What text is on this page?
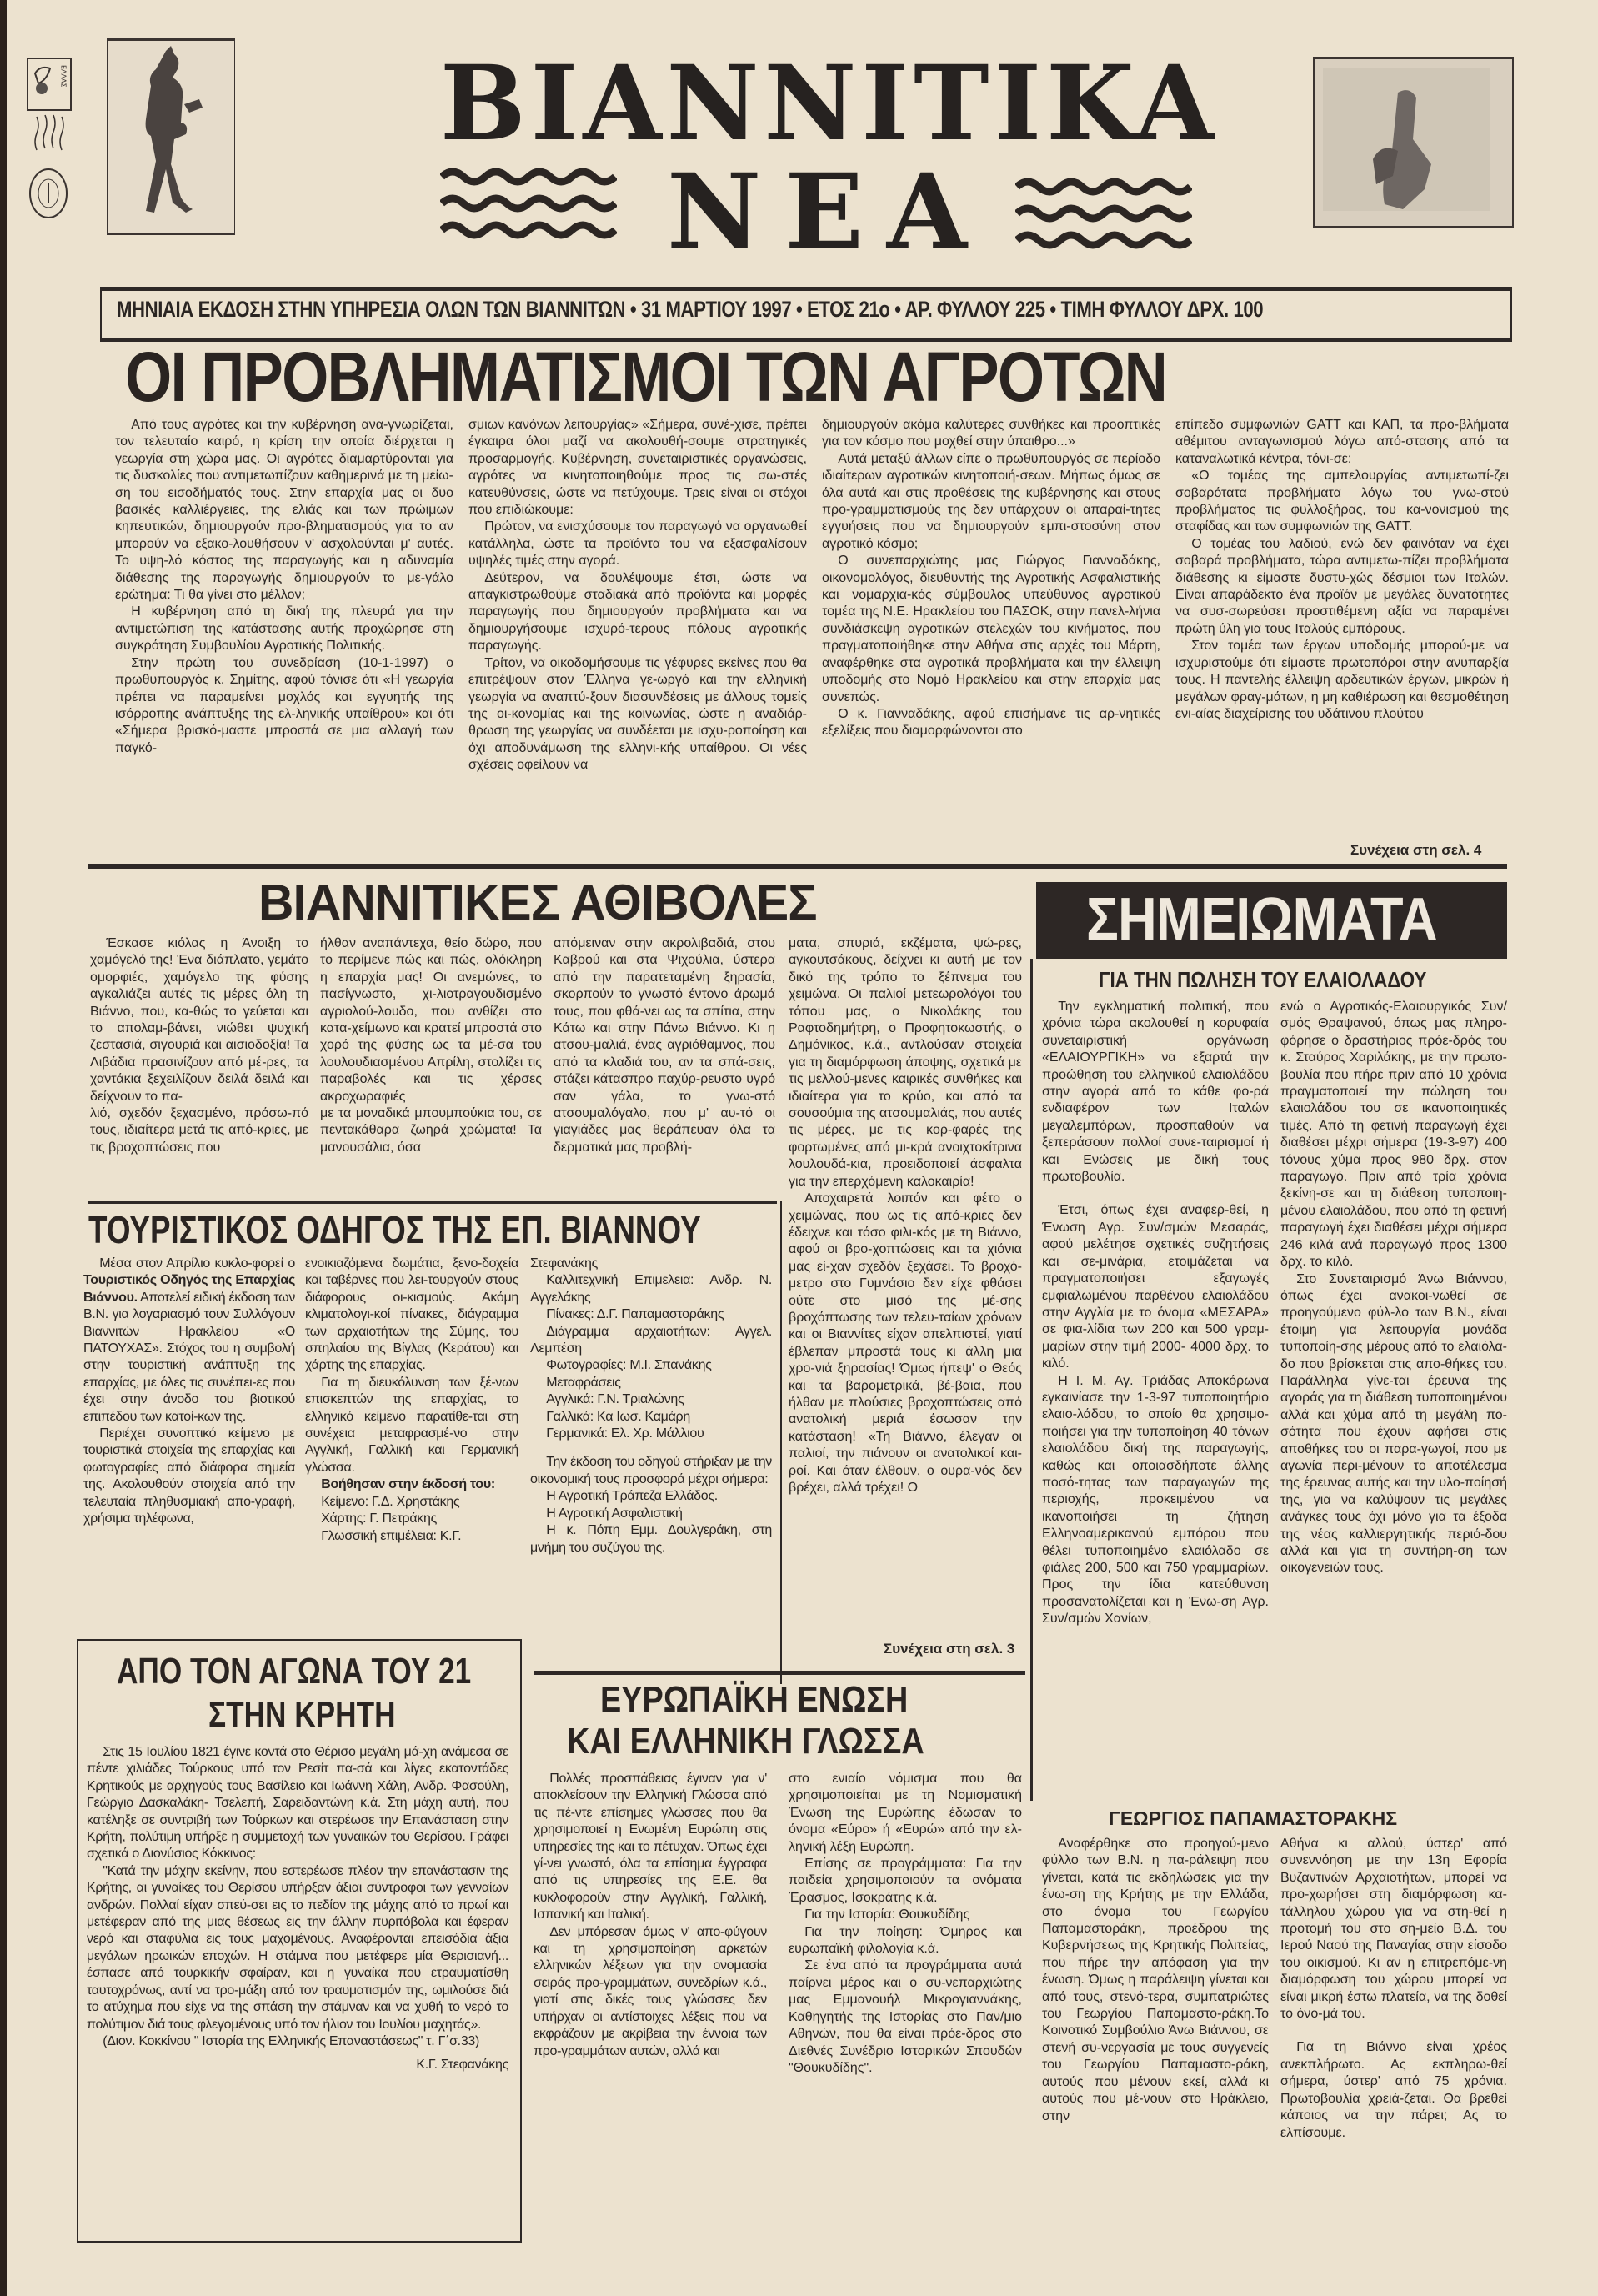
ΕΛΛΑΣ	BIANNITIKA
NEA
ΜΗΝΙΑΙΑ ΕΚΔΟΣΗ ΣΤΗΝ ΥΠΗΡΕΣΙΑ ΟΛΩΝ ΤΩΝ ΒΙΑΝΝΙΤΩΝ • 31 ΜΑΡΤΙΟΥ 1997 • ΕΤΟΣ 21ο • ΑΡ. ΦΥΛΛΟΥ 225 • ΤΙΜΗ ΦΥΛΛΟΥ ΔΡΧ. 100
ΟΙ ΠΡΟΒΛΗΜΑΤΙΣΜΟΙ ΤΩΝ ΑΓΡΟΤΩΝ

Από τους αγρότες και την κυβέρνηση ανα-γνωρίζεται, τον τελευταίο καιρό, η κρίση την οποία διέρχεται η γεωργία στη χώρα μας. Οι αγρότες διαμαρτύρονται για τις δυσκολίες που αντιμετωπίζουν καθημερινά με τη μείω-ση του εισοδήματός τους. Στην επαρχία μας οι δυο βασικές καλλιέργειες, της ελιάς και των πρώιμων κηπευτικών, δημιουργούν προ-βληματισμούς για το αν μπορούν να εξακο-λουθήσουν ν' ασχολούνται μ' αυτές. Το υψη-λό κόστος της παραγωγής και η αδυναμία διάθεσης της παραγωγής δημιουργούν το με-γάλο ερώτημα: Τι θα γίνει στο μέλλον;

Η κυβέρνηση από τη δική της πλευρά για την αντιμετώπιση της κατάστασης αυτής προχώρησε στη συγκρότηση Συμβουλίου Αγροτικής Πολιτικής.

Στην πρώτη του συνεδρίαση (10-1-1997) ο πρωθυπουργός κ. Σημίτης, αφού τόνισε ότι «Η γεωργία πρέπει να παραμείνει μοχλός και εγγυητής της ισόρροπης ανάπτυξης της ελ-ληνικής υπαίθρου» και ότι «Σήμερα βρισκό-μαστε μπροστά σε μια αλλαγή των παγκό-

σμιων κανόνων λειτουργίας» «Σήμερα, συνέ-χισε, πρέπει έγκαιρα όλοι μαζί να ακολουθή-σουμε στρατηγικές προσαρμογής. Κυβέρνηση, συνεταιριστικές οργανώσεις, αγρότες να κινητοποιηθούμε προς τις σω-στές κατευθύνσεις, ώστε να πετύχουμε. Τρεις είναι οι στόχοι που επιδιώκουμε:

Πρώτον, να ενισχύσουμε τον παραγωγό να οργανωθεί κατάλληλα, ώστε τα προϊόντα του να εξασφαλίσουν υψηλές τιμές στην αγορά.

Δεύτερον, να δουλέψουμε έτσι, ώστε να απαγκιστρωθούμε σταδιακά από προϊόντα και μορφές παραγωγής που δημιουργούν προβλήματα και να δημιουργήσουμε ισχυρό-τερους πόλους αγροτικής παραγωγής.

Τρίτον, να οικοδομήσουμε τις γέφυρες εκείνες που θα επιτρέψουν στον Έλληνα γε-ωργό και την ελληνική γεωργία να αναπτύ-ξουν διασυνδέσεις με άλλους τομείς της οι-κονομίας και της κοινωνίας, ώστε η αναδιάρ-θρωση της γεωργίας να συνδέεται με ισχυ-ροποίηση και όχι αποδυνάμωση της ελληνι-κής υπαίθρου. Οι νέες σχέσεις οφείλουν να

δημιουργούν ακόμα καλύτερες συνθήκες και προοπτικές για τον κόσμο που μοχθεί στην ύπαιθρο...»

Αυτά μεταξύ άλλων είπε ο πρωθυπουργός σε περίοδο ιδιαίτερων αγροτικών κινητοποιή-σεων. Μήπως όμως σε όλα αυτά και στις προθέσεις της κυβέρνησης και στους προ-γραμματισμούς της δεν υπάρχουν οι απαραί-τητες εγγυήσεις που να δημιουργούν εμπι-στοσύνη στον αγροτικό κόσμο;

Ο συνεπαρχιώτης μας Γιώργος Γιανναδάκης, οικονομολόγος, διευθυντής της Αγροτικής Ασφαλιστικής και νομαρχια-κός σύμβουλος υπεύθυνος αγροτικού τομέα της Ν.Ε. Ηρακλείου του ΠΑΣΟΚ, στην πανελ-λήνια συνδιάσκεψη αγροτικών στελεχών του κινήματος, που πραγματοποιήθηκε στην Αθήνα στις αρχές του Μάρτη, αναφέρθηκε στα αγροτικά προβλήματα και την έλλειψη υποδομής στο Νομό Ηρακλείου και στην επαρχία μας συνεπώς.

Ο κ. Γιανναδάκης, αφού επισήμανε τις αρ-νητικές εξελίξεις που διαμορφώνονται στο

επίπεδο συμφωνιών GATT και ΚΑΠ, τα προ-βλήματα αθέμιτου ανταγωνισμού λόγω από-στασης από τα καταναλωτικά κέντρα, τόνι-σε:

«Ο τομέας της αμπελουργίας αντιμετωπί-ζει σοβαρότατα προβλήματα λόγω του γνω-στού προβλήματος τις φυλλοξήρας, του κα-νονισμού της σταφίδας και των συμφωνιών της GATT.

Ο τομέας του λαδιού, ενώ δεν φαινόταν να έχει σοβαρά προβλήματα, τώρα αντιμετω-πίζει προβλήματα διάθεσης κι είμαστε δυστυ-χώς δέσμιοι των Ιταλών. Είναι απαράδεκτο ένα προϊόν με μεγάλες δυνατότητες να συσ-σωρεύσει προστιθέμενη αξία να παραμένει πρώτη ύλη για τους Ιταλούς εμπόρους.

Στον τομέα των έργων υποδομής μπορού-με να ισχυριστούμε ότι είμαστε πρωτοπόροι στην ανυπαρξία τους. Η παντελής έλλειψη αρδευτικών έργων, μικρών ή μεγάλων φραγ-μάτων, η μη καθιέρωση και θεσμοθέτηση ενι-αίας διαχείρισης του υδάτινου πλούτου

Συνέχεια στη σελ. 4
ΒΙΑΝΝΙΤΙΚΕΣ ΑΘΙΒΟΛΕΣ

Έσκασε κιόλας η Άνοιξη το χαμόγελό της! Ένα διάπλατο, γεμάτο ομορφιές, χαμόγελο της φύσης αγκαλιάζει αυτές τις μέρες όλη τη Βιάννο, που, κα-θώς το γεύεται και το απολαμ-βάνει, νιώθει ψυχική ζεστασιά, σιγουριά και αισιοδοξία! Τα Λιβάδια πρασινίζουν από μέ-ρες, τα χαντάκια ξεχειλίζουν δειλά δειλά και δείχνουν το πα-

λιό, σχεδόν ξεχασμένο, πρόσω-πό τους, ιδιαίτερα μετά τις από-κριες, με τις βροχοπτώσεις που

ήλθαν αναπάντεχα, θείο δώρο, που το περίμενε πώς και πώς, ολόκληρη η επαρχία μας! Οι ανεμώνες, το πασίγνωστο, χι-λιοτραγουδισμένο αγριολού-λουδο, που ανθίζει στο κατα-χείμωνο και κρατεί μπροστά στο χορό της φύσης ως τα μέ-σα του λουλουδιασμένου Απρίλη, στολίζει τις παραβολές και τις χέρσες ακροχωραφιές

με τα μοναδικά μπουμπούκια του, σε πεντακάθαρα ζωηρά χρώματα! Τα μανουσάλια, όσα

απόμειναν στην ακρολιβαδιά, στου Καβρού και στα Ψιχούλια, ύστερα από την παρατεταμένη ξηρασία, σκορπούν το γνωστό έντονο άρωμά τους, που φθά-νει ως τα σπίτια, στην Κάτω και στην Πάνω Βιάννο. Κι η ατσου-μαλιά, ένας αγριόθαμνος, που από τα κλαδιά του, αν τα σπά-σεις, στάζει κάτασπρο παχύρ-ρευστο υγρό σαν γάλα, το γνω-στό ατσουμαλόγαλο, που μ' αυ-τό οι γιαγιάδες μας θεράπευαν όλα τα δερματικά μας προβλή-

ματα, σπυριά, εκζέματα, ψώ-ρες, αγκουτσάκους, δείχνει κι αυτή με τον δικό της τρόπο το ξέπνεμα του χειμώνα. Οι παλιοί μετεωρολόγοι του τόπου μας, ο Νικολάκης του Ραφτοδημήτρη, ο Προφητοκωστής, ο Δημόνικος, κ.ά., αντλούσαν στοιχεία για τη διαμόρφωση άποψης, σχετικά με τις μελλού-μενες καιρικές συνθήκες και ιδιαίτερα για το κρύο, και από τα σουσούμια της ατσουμαλιάς, που αυτές τις μέρες, με τις κορ-φαρές της φορτωμένες από μι-κρά ανοιχτοκίτρινα λουλουδά-κια, προειδοποιεί άσφαλτα για την επερχόμενη καλοκαιρία!

Αποχαιρετά λοιπόν και φέτο ο χειμώνας, που ως τις από-κριες δεν έδειχνε και τόσο φιλι-κός με τη Βιάννο, αφού οι βρο-χοπτώσεις και τα χιόνια μας εί-χαν σχεδόν ξεχάσει. Το βροχό-μετρο στο Γυμνάσιο δεν είχε φθάσει ούτε στο μισό της μέ-σης βροχόπτωσης των τελευ-ταίων χρόνων και οι Βιαννίτες είχαν απελπιστεί, γιατί έβλεπαν μπροστά τους κι άλλη μια χρο-νιά ξηρασίας! Όμως ήπεψ' ο Θεός και τα βαρομετρικά, βέ-βαια, που ήλθαν με πλούσιες βροχοπτώσεις από ανατολική μεριά έσωσαν την κατάσταση! «Τη Βιάννο, έλεγαν οι παλιοί, την πιάνουν οι ανατολικοί και-ροί. Και όταν έλθουν, ο ουρα-νός δεν βρέχει, αλλά τρέχει! Ο

Συνέχεια στη σελ. 3
ΣΗΜΕΙΩΜΑΤΑ
ΓΙΑ ΤΗΝ ΠΩΛΗΣΗ ΤΟΥ ΕΛΑΙΟΛΑΔΟΥ

Την εγκληματική πολιτική, που χρόνια τώρα ακολουθεί η κορυφαία συνεταιριστική οργάνωση «ΕΛΑΙΟΥΡΓΙΚΗ» να εξαρτά την προώθηση του ελληνικού ελαιολάδου στην αγορά από το κάθε φο-ρά ενδιαφέρον των Ιταλών μεγαλεμπόρων, προσπαθούν να ξεπεράσουν πολλοί συνε-ταιρισμοί ή και Ενώσεις με δική τους πρωτοβουλία.

Έτσι, όπως έχει αναφερ-θεί, η Ένωση Αγρ. Συν/σμών Μεσαράς, αφού μελέτησε σχετικές συζητήσεις και σε-μινάρια, ετοιμάζεται να πραγματοποιήσει εξαγωγές εμφιαλωμένου παρθένου ελαιολάδου στην Αγγλία με το όνομα «ΜΕΣΑΡΑ» σε φια-λίδια των 200 και 500 γραμ-μαρίων στην τιμή 2000- 4000 δρχ. το κιλό.

Η Ι. Μ. Αγ. Τριάδας Αποκόρωνα εγκαινίασε την 1-3-97 τυποποιητήριο ελαιο-λάδου, το οποίο θα χρησιμο-ποιήσει για την τυποποίηση 40 τόνων ελαιολάδου δική της παραγωγής, καθώς και οποιασδήποτε άλλης ποσό-τητας των παραγωγών της περιοχής, προκειμένου να ικανοποιήσει τη ζήτηση Ελληνοαμερικανού εμπόρου που θέλει τυποποιημένο ελαιόλαδο σε φιάλες 200, 500 και 750 γραμμαρίων. Προς την ίδια κατεύθυνση προσανατολίζεται και η Ένω-ση Αγρ. Συν/σμών Χανίων,

ενώ ο Αγροτικός-Ελαιουργικός Συν/σμός Θραψανού, όπως μας πληρο-φόρησε ο δραστήριος πρόε-δρός του κ. Σταύρος Χαριλάκης, με την πρωτο-βουλία που πήρε πριν από 10 χρόνια πραγματοποιεί την πώληση του ελαιολάδου του σε ικανοποιητικές τιμές. Από τη φετινή παραγωγή έχει διαθέσει μέχρι σήμερα (19-3-97) 400 τόνους χύμα προς 980 δρχ. στον παραγωγό. Πριν από τρία χρόνια ξεκίνη-σε και τη διάθεση τυποποιη-μένου ελαιολάδου, που από τη φετινή παραγωγή έχει διαθέσει μέχρι σήμερα 246 κιλά ανά παραγωγό προς 1300 δρχ. το κιλό.

Στο Συνεταιρισμό Άνω Βιάννου, όπως έχει ανακοι-νωθεί σε προηγούμενο φύλ-λο των Β.Ν., είναι έτοιμη για λειτουργία μονάδα τυποποίη-σης μέρους από το ελαιόλα-δο που βρίσκεται στις απο-θήκες του. Παράλληλα γίνε-ται έρευνα της αγοράς για τη διάθεση τυποποιημένου αλλά και χύμα από τη μεγάλη πο-σότητα που έχουν αφήσει στις αποθήκες του οι παρα-γωγοί, που με αγωνία περι-μένουν το αποτέλεσμα της έρευνας αυτής και την υλο-ποίησή της, για να καλύψουν τις μεγάλες ανάγκες τους όχι μόνο για τα έξοδα της νέας καλλιεργητικής περιό-δου αλλά και για τη συντήρη-ση των οικογενειών τους.

ΤΟΥΡΙΣΤΙΚΟΣ ΟΔΗΓΟΣ ΤΗΣ ΕΠ. ΒΙΑΝΝΟΥ

Μέσα στον Απρίλιο κυκλο-φορεί ο Τουριστικός Οδηγός της Επαρχίας Βιάννου. Αποτελεί ειδική έκδοση των Β.Ν. για λογαριασμό τουν Συλλόγουν Βιαννιτών Ηρακλείου «Ο ΠΑΤΟΥΧΑΣ». Στόχος του η συμβολή στην τουριστική ανάπτυξη της επαρχίας, με όλες τις συνέπει-ες που έχει στην άνοδο του βιοτικού επιπέδου των κατοί-κων της.

Περιέχει συνοπτικό κείμενο με τουριστικά στοιχεία της επαρχίας και φωτογραφίες από διάφορα σημεία της. Ακολουθούν στοιχεία από την τελευταία πληθυσμιακή απο-γραφή, χρήσιμα τηλέφωνα,

ενοικιαζόμενα δωμάτια, ξενο-δοχεία και ταβέρνες που λει-τουργούν στους διάφορους οι-κισμούς. Ακόμη κλιματολογι-κοί πίνακες, διάγραμμα των αρχαιοτήτων της Σύμης, του σπηλαίου της Βίγλας (Κεράτου) και χάρτης της επαρχίας.

Για τη διευκόλυνση των ξέ-νων επισκεπτών της επαρχίας, το ελληνικό κείμενο παρατίθε-ται στη συνέχεια μεταφρασμέ-νο στην Αγγλική, Γαλλική και Γερμανική γλώσσα.

Βοήθησαν στην έκδοσή του:

Κείμενο: Γ.Δ. Χρηστάκης

Χάρτης: Γ. Πετράκης

Γλωσσική επιμέλεια: Κ.Γ.

Στεφανάκης

Καλλιτεχνική Επιμελεια: Ανδρ. Ν. Αγγελάκης

Πίνακες: Δ.Γ. Παπαμαστοράκης

Διάγραμμα αρχαιοτήτων: Αγγελ. Λεμπέση

Φωτογραφίες: Μ.Ι. Σπανάκης

Μεταφράσεις

Αγγλικά: Γ.Ν. Τριαλώνης

Γαλλικά: Κα Ιωσ. Καμάρη

Γερμανικά: Ελ. Χρ. Μάλλιου

Την έκδοση του οδηγού στήριξαν με την οικονομική τους προσφορά μέχρι σήμερα:

Η Αγροτική Τράπεζα Ελλάδος.

Η Αγροτική Ασφαλιστική

Η κ. Πόπη Εμμ. Δουλγεράκη, στη μνήμη του συζύγου της.

ΑΠΟ ΤΟΝ ΑΓΩΝΑ ΤΟΥ 21
ΣΤΗΝ ΚΡΗΤΗ

Στις 15 Ιουλίου 1821 έγινε κοντά στο Θέρισο μεγάλη μά-χη ανάμεσα σε πέντε χιλιάδες Τούρκους υπό τον Ρεσίτ πα-σά και λίγες εκατοντάδες Κρητικούς με αρχηγούς τους Βασίλειο και Ιωάννη Χάλη, Ανδρ. Φασούλη, Γεώργιο Δασκαλάκη- Τσελεπή, Σαρειδαντώνη κ.ά. Στη μάχη αυτή, που κατέληξε σε συντριβή των Τούρκων και στερέωσε την Επανάσταση στην Κρήτη, πολύτιμη υπήρξε η συμμετοχή των γυναικών του Θερίσου. Γράφει σχετικά ο Διονύσιος Κόκκινος:

"Κατά την μάχην εκείνην, που εστερέωσε πλέον την επανάστασιν της Κρήτης, αι γυναίκες του Θερίσου υπήρξαν άξιαι σύντροφοι των γενναίων ανδρών. Πολλαί είχαν σπεύ-σει εις το πεδίον της μάχης από το πρωί και μετέφεραν από της μιας θέσεως εις την άλλην πυριτόβολα και έφεραν νερό και σταφύλια εις τους μαχομένους. Αναφέρονται επεισόδια άξια μεγάλων ηρωικών εποχών. Η στάμνα που μετέφερε μία Θερισιανή... έσπασε από τουρκικήν σφαίραν, και η γυναίκα που ετραυματίσθη ταυτοχρόνως, αντί να τρο-μάξη από τον τραυματισμόν της, ωμιλούσε διά το ατύχημα που είχε να της σπάση την στάμναν και να χυθή το νερό το πολύτιμον διά τους φλεγομένους υπό τον ήλιον του Ιουλίου μαχητάς».

(Διον. Κοκκίνου " Ιστορία της Ελληνικής Επαναστάσεως" τ. Γ΄σ.33)

Κ.Γ. Στεφανάκης

ΕΥΡΩΠΑΪΚΗ ΕΝΩΣΗ
ΚΑΙ ΕΛΛΗΝΙΚΗ ΓΛΩΣΣΑ

Πολλές προσπάθειας έγιναν για ν' αποκλείσουν την Ελληνική Γλώσσα από τις πέ-ντε επίσημες γλώσσες που θα χρησιμοποιεί η Ενωμένη Ευρώπη στις υπηρεσίες της και το πέτυχαν. Όπως έχει γί-νει γνωστό, όλα τα επίσημα έγγραφα από τις υπηρεσίες της Ε.Ε. θα κυκλοφορούν στην Αγγλική, Γαλλική, Ισπανική και Ιταλική.

Δεν μπόρεσαν όμως ν' απο-φύγουν και τη χρησιμοποίηση αρκετών ελληνικών λέξεων για την ονομασία σειράς προ-γραμμάτων, συνεδρίων κ.ά., γιατί στις δικές τους γλώσσες δεν υπήρχαν οι αντίστοιχες λέξεις που να εκφράζουν με ακρίβεια την έννοια των προ-γραμμάτων αυτών, αλλά και

στο ενιαίο νόμισμα που θα χρησιμοποιείται με τη Νομισματική Ένωση της Ευρώπης έδωσαν το όνομα «Εύρο» ή «Ευρώ» από την ελ-ληνική λέξη Ευρώπη.

Επίσης σε προγράμματα: Για την παιδεία χρησιμοποιούν τα ονόματα Έρασμος, Ισοκράτης κ.ά.

Για την Ιστορία: Θουκυδίδης

Για την ποίηση: Όμηρος και ευρωπαϊκή φιλολογία κ.ά.

Σε ένα από τα προγράμματα αυτά παίρνει μέρος και ο συ-νεπαρχιώτης μας Εμμανουήλ Μικρογιαννάκης, Καθηγητής της Ιστορίας στο Παν/μιο Αθηνών, που θα είναι πρόε-δρος στο Διεθνές Συνέδριο Ιστορικών Σπουδών "Θουκυδίδης".

ΓΕΩΡΓΙΟΣ ΠΑΠΑΜΑΣΤΟΡΑΚΗΣ

Αναφέρθηκε στο προηγού-μενο φύλλο των Β.Ν. η πα-ράλειψη που γίνεται, κατά τις εκδηλώσεις για την ένω-ση της Κρήτης με την Ελλάδα, στο όνομα του Γεωργίου Παπαμαστοράκη, προέδρου της Κυβερνήσεως της Κρητικής Πολιτείας, που πήρε την απόφαση για την ένωση. Όμως η παράλειψη γίνεται και από τους, στενό-τερα, συμπατριώτες του Γεωργίου Παπαμαστο-ράκη.Το Κοινοτικό Συμβούλιο Άνω Βιάννου, σε στενή συ-νεργασία με τους συγγενείς του Γεωργίου Παπαμαστο-ράκη, αυτούς που μένουν εκεί, αλλά κι αυτούς που μέ-νουν στο Ηράκλειο, στην

Αθήνα κι αλλού, ύστερ' από συνεννόηση με την 13η Εφορία Βυζαντινών Αρχαιοτήτων, μπορεί να προ-χωρήσει στη διαμόρφωση κα-τάλληλου χώρου για να στη-θεί η προτομή του στο ση-μείο Β.Δ. του Ιερού Ναού της Παναγίας στην είσοδο του οικισμού. Κι αν η επιτρεπόμε-νη διαμόρφωση του χώρου μπορεί να είναι μικρή έστω πλατεία, να της δοθεί το όνο-μά του.

Για τη Βιάννο είναι χρέος ανεκπλήρωτο. Ας εκπληρω-θεί σήμερα, ύστερ' από 75 χρόνια. Πρωτοβουλία χρειά-ζεται. Θα βρεθεί κάποιος να την πάρει; Ας το ελπίσουμε.
